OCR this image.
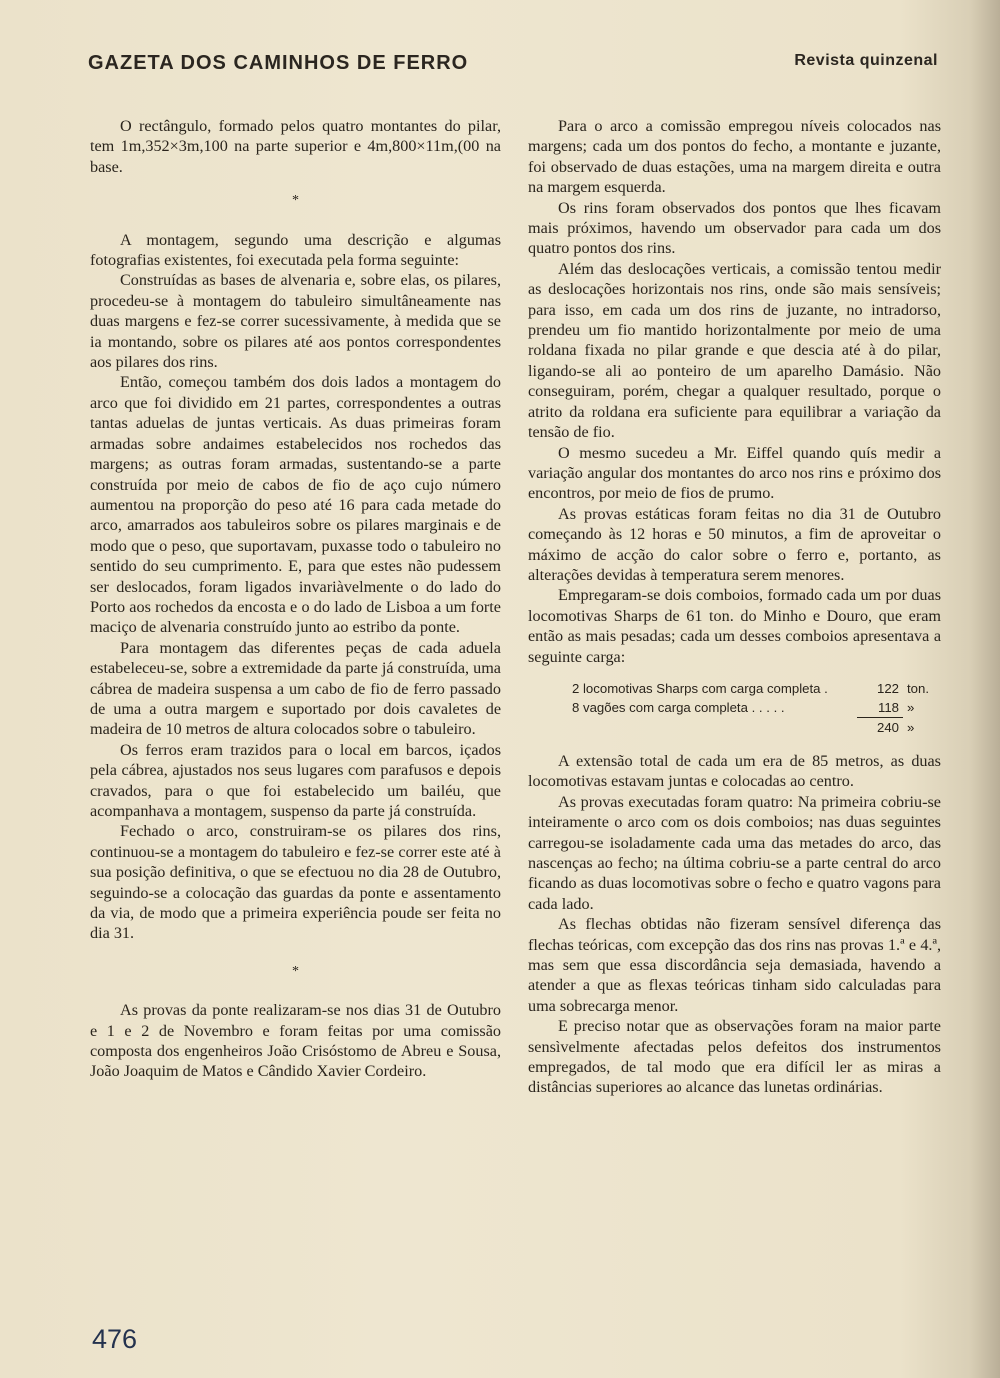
GAZETA DOS CAMINHOS DE FERRO	Revista quinzenal

O rectângulo, formado pelos quatro montantes do pilar, tem 1m,352×3m,100 na parte superior e 4m,800×11m,(00 na base.

*

A montagem, segundo uma descrição e algumas fotografias existentes, foi executada pela forma seguinte:

Construídas as bases de alvenaria e, sobre elas, os pilares, procedeu-se à montagem do tabuleiro simultâneamente nas duas margens e fez-se correr sucessivamente, à medida que se ia montando, sobre os pilares até aos pontos correspondentes aos pilares dos rins.

Então, começou também dos dois lados a montagem do arco que foi dividido em 21 partes, correspondentes a outras tantas aduelas de juntas verticais. As duas primeiras foram armadas sobre andaimes estabelecidos nos rochedos das margens; as outras foram armadas, sustentando-se a parte construída por meio de cabos de fio de aço cujo número aumentou na proporção do peso até 16 para cada metade do arco, amarrados aos tabuleiros sobre os pilares marginais e de modo que o peso, que suportavam, puxasse todo o tabuleiro no sentido do seu cumprimento. E, para que estes não pudessem ser deslocados, foram ligados invariàvelmente o do lado do Porto aos rochedos da encosta e o do lado de Lisboa a um forte maciço de alvenaria construído junto ao estribo da ponte.

Para montagem das diferentes peças de cada aduela estabeleceu-se, sobre a extremidade da parte já construída, uma cábrea de madeira suspensa a um cabo de fio de ferro passado de uma a outra margem e suportado por dois cavaletes de madeira de 10 metros de altura colocados sobre o tabuleiro.

Os ferros eram trazidos para o local em barcos, içados pela cábrea, ajustados nos seus lugares com parafusos e depois cravados, para o que foi estabelecido um bailéu, que acompanhava a montagem, suspenso da parte já construída.

Fechado o arco, construiram-se os pilares dos rins, continuou-se a montagem do tabuleiro e fez-se correr este até à sua posição definitiva, o que se efectuou no dia 28 de Outubro, seguindo-se a colocação das guardas da ponte e assentamento da via, de modo que a primeira experiência poude ser feita no dia 31.

*

As provas da ponte realizaram-se nos dias 31 de Outubro e 1 e 2 de Novembro e foram feitas por uma comissão composta dos engenheiros João Crisóstomo de Abreu e Sousa, João Joaquim de Matos e Cândido Xavier Cordeiro.

Para o arco a comissão empregou níveis colocados nas margens; cada um dos pontos do fecho, a montante e juzante, foi observado de duas estações, uma na margem direita e outra na margem esquerda.

Os rins foram observados dos pontos que lhes ficavam mais próximos, havendo um observador para cada um dos quatro pontos dos rins.

Além das deslocações verticais, a comissão tentou medir as deslocações horizontais nos rins, onde são mais sensíveis; para isso, em cada um dos rins de juzante, no intradorso, prendeu um fio mantido horizontalmente por meio de uma roldana fixada no pilar grande e que descia até à do pilar, ligando-se ali ao ponteiro de um aparelho Damásio. Não conseguiram, porém, chegar a qualquer resultado, porque o atrito da roldana era suficiente para equilibrar a variação da tensão de fio.

O mesmo sucedeu a Mr. Eiffel quando quís medir a variação angular dos montantes do arco nos rins e próximo dos encontros, por meio de fios de prumo.

As provas estáticas foram feitas no dia 31 de Outubro começando às 12 horas e 50 minutos, a fim de aproveitar o máximo de acção do calor sobre o ferro e, portanto, as alterações devidas à temperatura serem menores.

Empregaram-se dois comboios, formado cada um por duas locomotivas Sharps de 61 ton. do Minho e Douro, que eram então as mais pesadas; cada um desses comboios apresentava a seguinte carga:

2 locomotivas Sharps com carga completa .	122	ton.
8 vagões com carga completa . . . . .	118	»
	240	»

A extensão total de cada um era de 85 metros, as duas locomotivas estavam juntas e colocadas ao centro.

As provas executadas foram quatro: Na primeira cobriu-se inteiramente o arco com os dois comboios; nas duas seguintes carregou-se isoladamente cada uma das metades do arco, das nascenças ao fecho; na última cobriu-se a parte central do arco ficando as duas locomotivas sobre o fecho e quatro vagons para cada lado.

As flechas obtidas não fizeram sensível diferença das flechas teóricas, com excepção das dos rins nas provas 1.ª e 4.ª, mas sem que essa discordância seja demasiada, havendo a atender a que as flexas teóricas tinham sido calculadas para uma sobrecarga menor.

E preciso notar que as observações foram na maior parte sensìvelmente afectadas pelos defeitos dos instrumentos empregados, de tal modo que era difícil ler as miras a distâncias superiores ao alcance das lunetas ordinárias.

476
